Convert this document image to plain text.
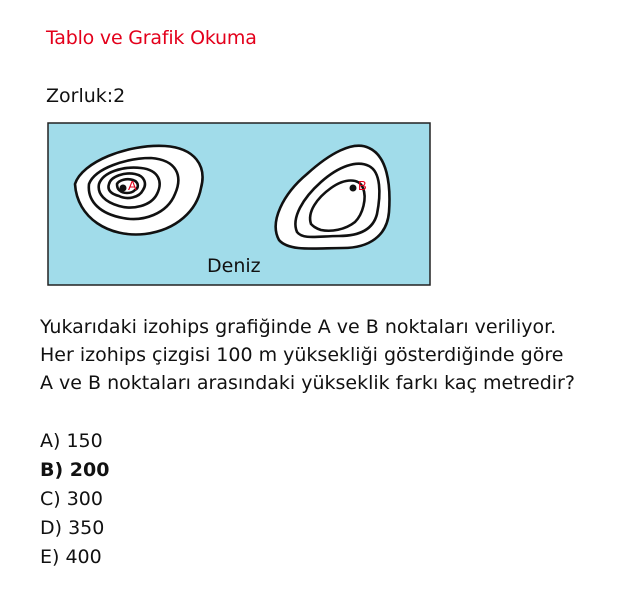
Tablo ve Grafik Okuma
Zorluk:2
A	B
Deniz
Yukarıdaki izohips grafiğinde A ve B noktaları veriliyor.
Her izohips çizgisi 100 m yüksekliği gösterdiğinde göre
A ve B noktaları arasındaki yükseklik farkı kaç metredir?
A) 150
B) 200
C) 300
D) 350
E) 400
